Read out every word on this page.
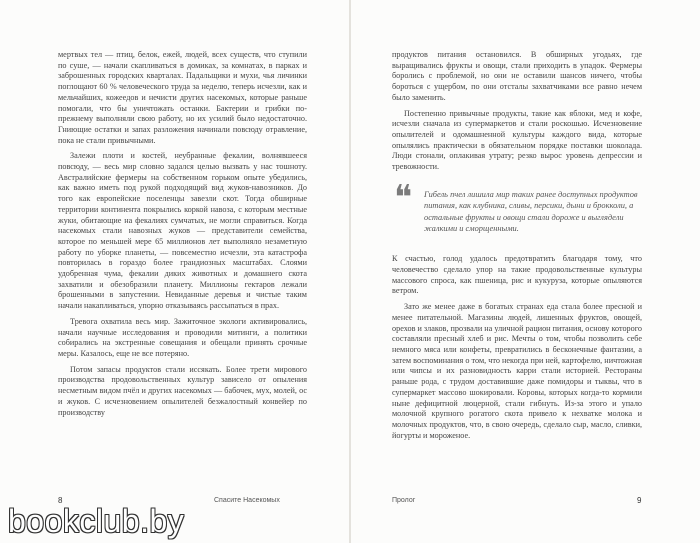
мертвых тел — птиц, белок, ежей, людей, всех существ, что ступили по суше, — начали скапливаться в домиках, за комнатах, в парках и заброшенных городских кварталах. Падальщики и мухи, чья личинки поглощают 60 % человеческого труда за неделю, теперь исчезли, как и мельчайших, кожеедов и нечисти других насекомых, которые раньше помогали, что бы уничтожать останки. Бактерии и грибки по-прежнему выполняли свою работу, но их усилий было недостаточно. Гниющие остатки и запах разложения начинали повсюду отравление, пока не стали привычными.

Залежи плоти и костей, неубранные фекалии, волнявшееся повсюду, — весь мир словно задался целью вызвать у нас тошноту. Австралийские фермеры на собственном горьком опыте убедились, как важно иметь под рукой подходящий вид жуков-навозников. До того как европейские поселенцы завезли скот. Тогда обширные территории континента покрылись коркой навоза, с которым местные жуки, обитающие на фекалиях сумчатых, не могли справиться. Когда насекомых стали навозных жуков — представители семейства, которое по меньшей мере 65 миллионов лет выполняло незаметную работу по уборке планеты, — повсеместно исчезли, эта катастрофа повторилась в гораздо более грандиозных масштабах. Слоями удобренная чума, фекалии диких животных и домашнего скота захватили и обезобразили планету. Миллионы гектаров лежали брошенными в запустении. Невиданные деревья и чистые таким начали накапливаться, упорно отказываясь рассыпаться в прах.

Тревога охватила весь мир. Зажиточное экологи активировались, начали научные исследования и проводили митинги, а политики собирались на экстренные совещания и обещали принять срочные меры. Казалось, еще не все потеряно.

Потом запасы продуктов стали иссякать. Более трети мирового производства продовольственных культур зависело от опыления несметным видом пчёл и других насекомых — бабочек, мух, молей, ос и жуков. С исчезновением опылителей безжалостный конвейер по производству

8	Спасите Насекомых

продуктов питания остановился. В обширных угодьях, где выращивались фрукты и овощи, стали приходить в упадок. Фермеры боролись с проблемой, но они не оставили шансов ничего, чтобы бороться с ущербом, по они отсталы захватчиками все равно нечем было заменить.

Постепенно привычные продукты, такие как яблоки, мед и кофе, исчезли сначала из супермаркетов и стали роскошью. Исчезновение опылителей и одомашненной культуры каждого вида, которые опылялись практически в обязательном порядке поставки шоколада. Люди стонали, оплакивая утрату; резко вырос уровень депрессии и тревожности.

❝ Гибель пчел лишила мир таких ранее доступных продуктов питания, как клубника, сливы, персики, дыни и брокколи, а остальные фрукты и овощи стали дороже и выглядели жалкими и сморщенными.

К счастью, голод удалось предотвратить благодаря тому, что человечество сделало упор на такие продовольственные культуры массового спроса, как пшеница, рис и кукуруза, которые опыляются ветром.

Зато же менее даже в богатых странах еда стала более пресной и менее питательной. Магазины людей, лишенных фруктов, овощей, орехов и злаков, прозвали на уличной рацион питания, основу которого составляли пресный хлеб и рис. Мечты о том, чтобы позволить себе немного мяса или конфеты, превратились в бесконечные фантазии, а затем воспоминания о том, что некогда при ней, картофелю, ничтожная или чипсы и их разновидность карри стали историей. Рестораны раньше рода, с трудом доставившие даже помидоры и тыквы, что в супермаркет массово шокировали. Коровы, которых когда-то кормили ныне дефицитной люцерной, стали гибнуть. Из-за этого и упало молочной крупного рогатого скота привело к нехватке молока и молочных продуктов, что, в свою очередь, сделало сыр, масло, сливки, йогурты и мороженое.

Пролог	9
bookclub.by
